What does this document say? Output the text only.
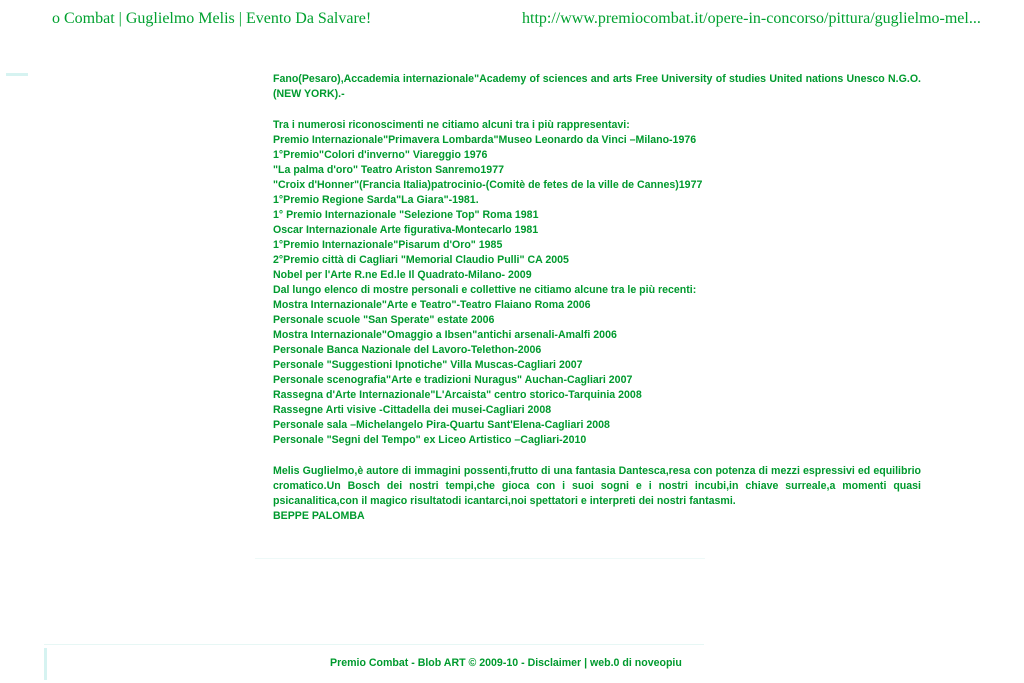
o Combat | Guglielmo Melis | Evento Da Salvare!	http://www.premiocombat.it/opere-in-concorso/pittura/guglielmo-mel...

Fano(Pesaro),Accademia internazionale"Academy of sciences and arts Free University of studies United nations Unesco N.G.O.(NEW YORK).-

Tra i numerosi riconoscimenti ne citiamo alcuni tra i più rappresentavi:

Premio Internazionale"Primavera Lombarda"Museo Leonardo da Vinci –Milano-1976

1°Premio"Colori d'inverno" Viareggio 1976

"La palma d'oro" Teatro Ariston Sanremo1977

"Croix d'Honner"(Francia Italia)patrocinio-(Comitè de fetes de la ville de Cannes)1977

1°Premio Regione Sarda"La Giara"-1981.

1° Premio Internazionale "Selezione Top" Roma 1981

Oscar Internazionale Arte figurativa-Montecarlo 1981

1°Premio Internazionale"Pisarum d'Oro" 1985

2°Premio città di Cagliari "Memorial Claudio Pulli" CA 2005

Nobel per l'Arte R.ne Ed.le Il Quadrato-Milano- 2009

Dal lungo elenco di mostre personali e collettive ne citiamo alcune tra le più recenti:

Mostra Internazionale"Arte e Teatro"-Teatro Flaiano Roma 2006

Personale scuole "San Sperate" estate 2006

Mostra Internazionale"Omaggio a Ibsen"antichi arsenali-Amalfi 2006

Personale Banca Nazionale del Lavoro-Telethon-2006

Personale "Suggestioni Ipnotiche" Villa Muscas-Cagliari 2007

Personale scenografia"Arte e tradizioni Nuragus" Auchan-Cagliari 2007

Rassegna d'Arte Internazionale"L'Arcaista" centro storico-Tarquinia 2008

Rassegne Arti visive -Cittadella dei musei-Cagliari 2008

Personale sala –Michelangelo Pira-Quartu Sant'Elena-Cagliari 2008

Personale "Segni del Tempo" ex Liceo Artistico –Cagliari-2010

Melis Guglielmo,è autore di immagini possenti,frutto di una fantasia Dantesca,resa con potenza di mezzi espressivi ed equilibrio cromatico.Un Bosch dei nostri tempi,che gioca con i suoi sogni e i nostri incubi,in chiave surreale,a momenti quasi psicanalitica,con il magico risultatodi icantarci,noi spettatori e interpreti dei nostri fantasmi.

BEPPE PALOMBA

Premio Combat - Blob ART © 2009-10 - Disclaimer | web.0 di noveopiu
